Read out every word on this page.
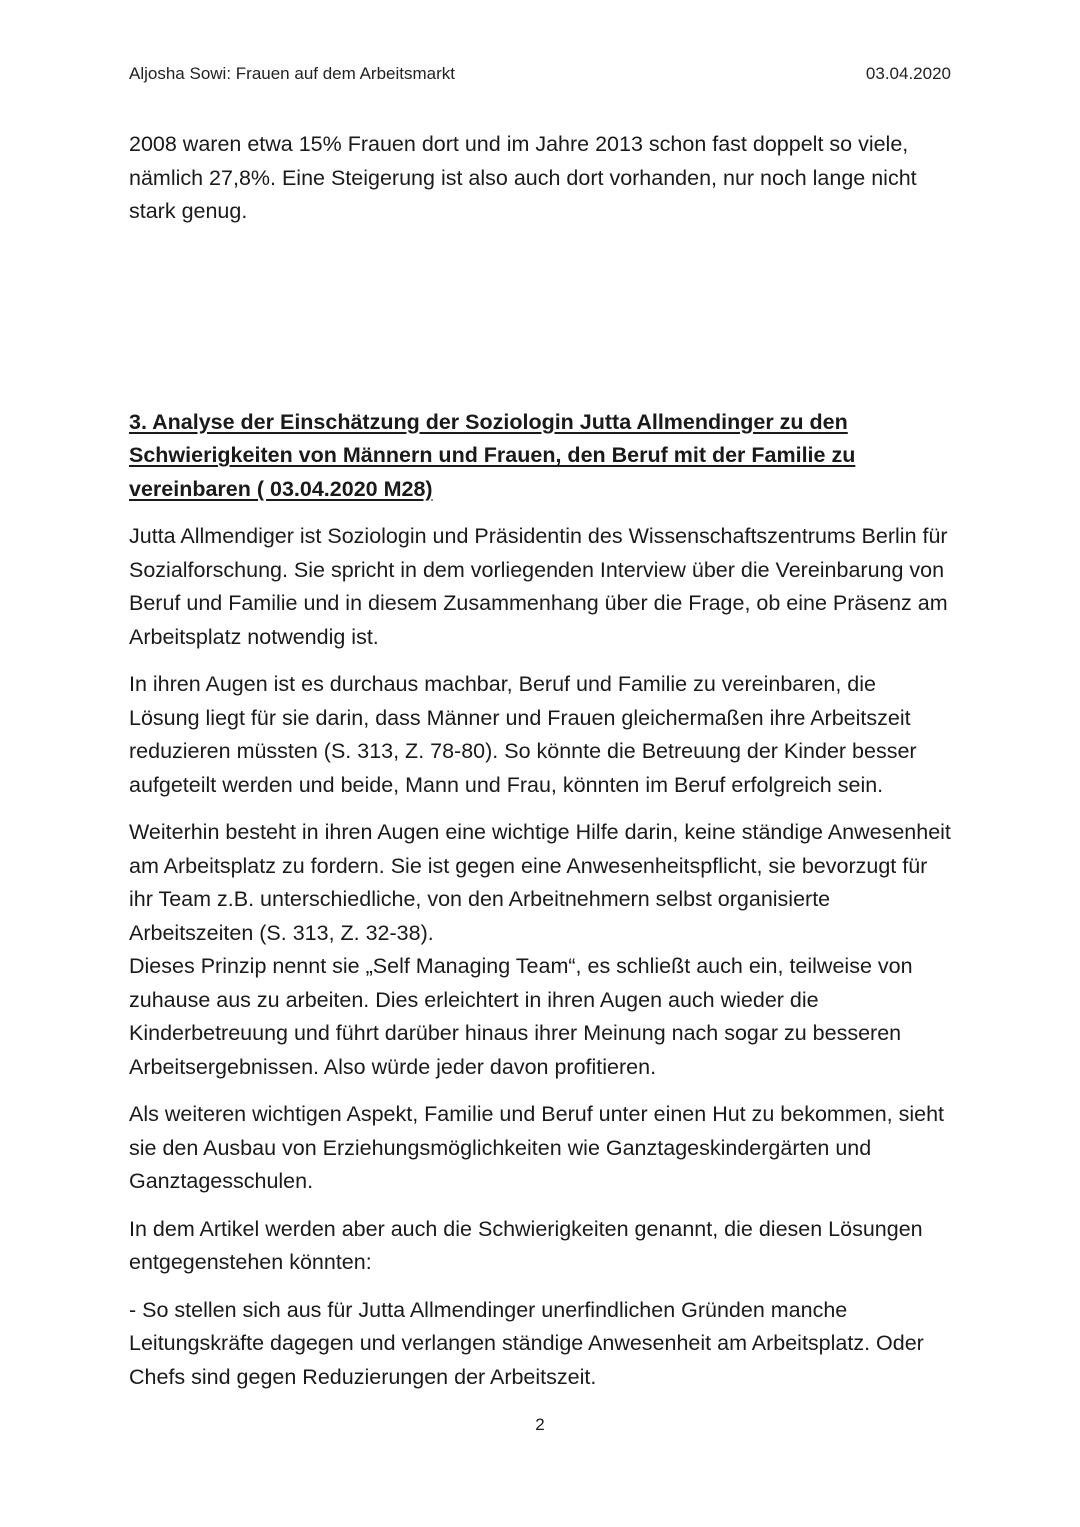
Aljosha Sowi: Frauen auf dem Arbeitsmarkt	03.04.2020

2008 waren etwa 15% Frauen dort und im Jahre 2013 schon fast doppelt so viele, nämlich 27,8%. Eine Steigerung ist also auch dort vorhanden, nur noch lange nicht stark genug.

3. Analyse der Einschätzung der Soziologin Jutta Allmendinger zu den Schwierigkeiten von Männern und Frauen, den Beruf mit der Familie zu vereinbaren ( 03.04.2020 M28)

Jutta Allmendiger ist Soziologin und Präsidentin des Wissenschaftszentrums Berlin für Sozialforschung. Sie spricht in dem vorliegenden Interview über die Vereinbarung von Beruf und Familie und in diesem Zusammenhang über die Frage, ob eine Präsenz am Arbeitsplatz notwendig ist.

In ihren Augen ist es durchaus machbar, Beruf und Familie zu vereinbaren, die Lösung liegt für sie darin, dass Männer und Frauen gleichermaßen ihre Arbeitszeit reduzieren müssten (S. 313, Z. 78-80). So könnte die Betreuung der Kinder besser aufgeteilt werden und beide, Mann und Frau, könnten im Beruf erfolgreich sein.

Weiterhin besteht in ihren Augen eine wichtige Hilfe darin, keine ständige Anwesenheit am Arbeitsplatz zu fordern. Sie ist gegen eine Anwesenheitspflicht, sie bevorzugt für ihr Team z.B. unterschiedliche, von den Arbeitnehmern selbst organisierte Arbeitszeiten (S. 313, Z. 32-38).

Dieses Prinzip nennt sie „Self Managing Team“, es schließt auch ein, teilweise von zuhause aus zu arbeiten. Dies erleichtert in ihren Augen auch wieder die Kinderbetreuung und führt darüber hinaus ihrer Meinung nach sogar zu besseren Arbeitsergebnissen. Also würde jeder davon profitieren.

Als weiteren wichtigen Aspekt, Familie und Beruf unter einen Hut zu bekommen, sieht sie den Ausbau von Erziehungsmöglichkeiten wie Ganztageskindergärten und Ganztagesschulen.

In dem Artikel werden aber auch die Schwierigkeiten genannt, die diesen Lösungen entgegenstehen könnten:

- So stellen sich aus für Jutta Allmendinger unerfindlichen Gründen manche Leitungskräfte dagegen und verlangen ständige Anwesenheit am Arbeitsplatz. Oder Chefs sind gegen Reduzierungen der Arbeitszeit.

2
